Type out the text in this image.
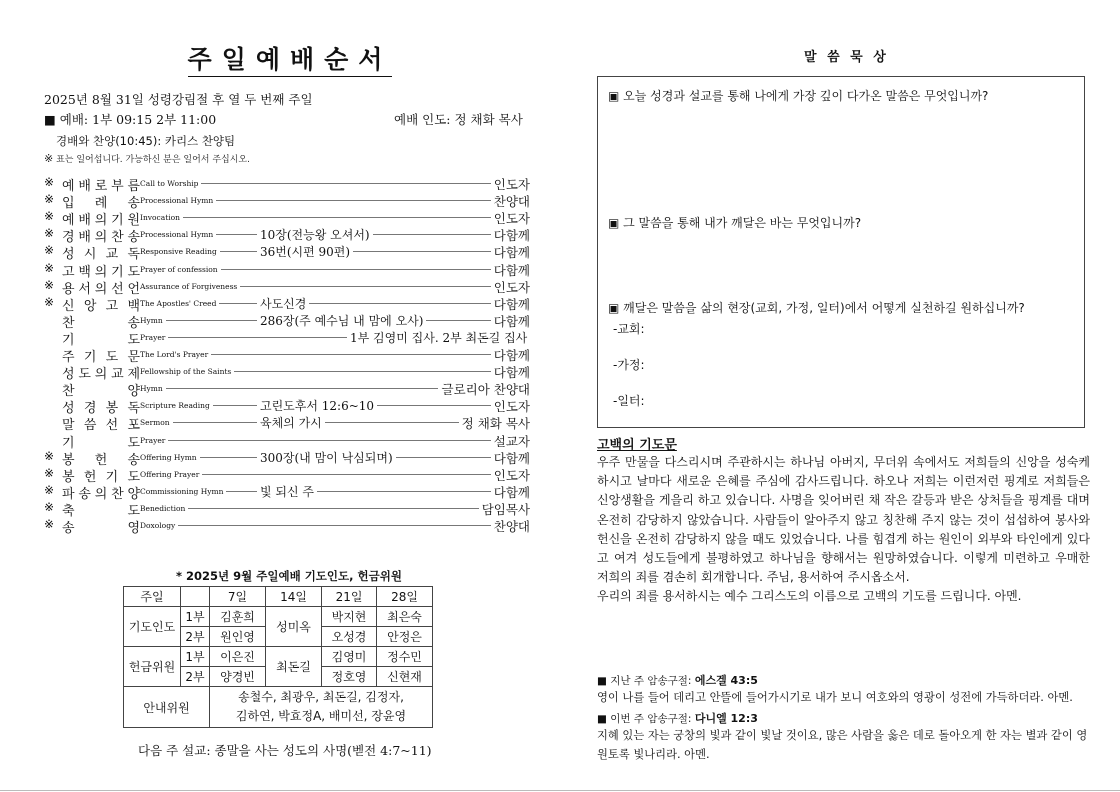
주일예배순서
2025년 8월 31일 성령강림절 후 열 두 번째 주일
■ 예배: 1부 09:15 2부 11:00	예배 인도: 정 채화 목사
경배와 찬양(10:45): 카리스 찬양팀
※ 표는 일어섭니다. 가능하신 분은 일어서 주십시오.
※ 예 배 로 부 름 Call to Worship	인도자
※ 입 례 송 Processional Hymn	찬양대
※ 예 배 의 기 원 Invocation	인도자
※ 경 배 의 찬 송 Processional Hymn	10장(전능왕 오셔서)	다함께
※ 성 시 교 독 Responsive Reading	36번(시편 90편)	다함께
※ 고 백 의 기 도 Prayer of confession	다함께
※ 용 서 의 선 언 Assurance of Forgiveness	인도자
※ 신 앙 고 백 The Apostles' Creed	사도신경	다함께
찬	송 Hymn	286장(주 예수님 내 맘에 오사)	다함께
기	도 Prayer	1부 김영미 집사. 2부 최돈길 집사
주 기 도 문 The Lord's Prayer	다함께
성 도 의 교 제 Fellowship of the Saints	다함께
찬	양 Hymn	글로리아 찬양대
성 경 봉 독 Scripture Reading	고린도후서 12:6~10	인도자
말 씀 선 포 Sermon	육체의 가시	정 채화 목사
기	도 Prayer	설교자
※ 봉 헌 송 Offering Hymn	300장(내 맘이 낙심되며)	다함께
※ 봉 헌 기 도 Offering Prayer	인도자
※ 파 송 의 찬 양 Commissioning Hymn	빛 되신 주	다함께
※ 축	도 Benediction	담임목사
※ 송	영 Doxology	찬양대
* 2025년 9월 주일예배 기도인도, 헌금위원
주일		7일	14일	21일	28일
기도인도	1부	김훈희	성미옥	박지현	최은숙
	2부	원인영		오성경	안정은
헌금위원	1부	이은진	최돈길	김영미	정수민
	2부	양경빈		정호영	신현재
안내위원		송철수, 최광우, 최돈길, 김정자,
김하연, 박효정A, 배미선, 장윤영			
다음 주 설교: 종말을 사는 성도의 사명(벧전 4:7~11)
말 씀 묵 상
▣ 오늘 성경과 설교를 통해 나에게 가장 깊이 다가온 말씀은 무엇입니까?
▣ 그 말씀을 통해 내가 깨달은 바는 무엇입니까?
▣ 깨달은 말씀을 삶의 현장(교회, 가정, 일터)에서 어떻게 실천하길 원하십니까?
-교회:
-가정:
-일터:
고백의 기도문
우주 만물을 다스리시며 주관하시는 하나님 아버지, 무더위 속에서도 저희들의 신앙을 성숙케 하시고 날마다 새로운 은혜를 주심에 감사드립니다. 하오나 저희는 이런저런 핑계로 저희들은 신앙생활을 게을리 하고 있습니다. 사명을 잊어버린 채 작은 갈등과 받은 상처들을 핑계를 대며 온전히 감당하지 않았습니다. 사람들이 알아주지 않고 칭찬해 주지 않는 것이 섭섭하여 봉사와 헌신을 온전히 감당하지 않을 때도 있었습니다. 나를 힘겹게 하는 원인이 외부와 타인에게 있다고 여겨 성도들에게 불평하였고 하나님을 향해서는 원망하였습니다. 이렇게 미련하고 우매한 저희의 죄를 겸손히 회개합니다. 주님, 용서하여 주시옵소서.
우리의 죄를 용서하시는 예수 그리스도의 이름으로 고백의 기도를 드립니다. 아멘.
■ 지난 주 암송구절: 에스겔 43:5
영이 나를 들어 데리고 안뜰에 들어가시기로 내가 보니 여호와의 영광이 성전에 가득하더라. 아멘.
■ 이번 주 암송구절: 다니엘 12:3
지혜 있는 자는 궁창의 빛과 같이 빛날 것이요, 많은 사람을 옳은 데로 돌아오게 한 자는 별과 같이 영원토록 빛나리라. 아멘.
